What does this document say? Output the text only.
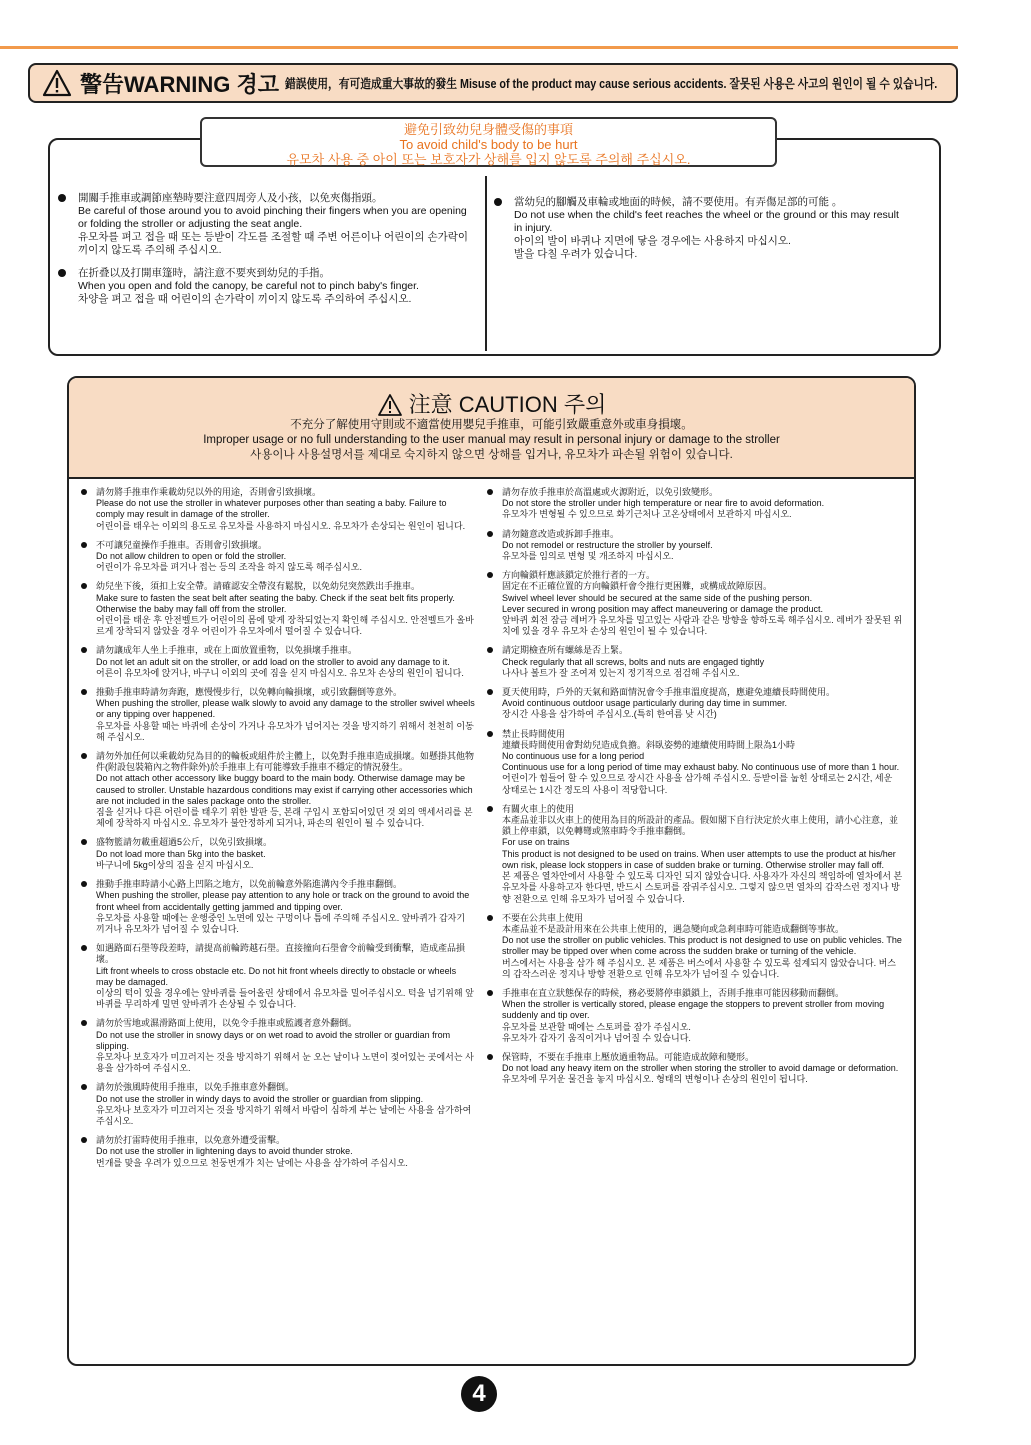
警告WARNING 경고 錯誤使用，有可造成重大事故的發生 Misuse of the product may cause serious accidents. 잘못된 사용은 사고의 원인이 될 수 있습니다.
避免引致幼兒身體受傷的事項
To avoid child's body to be hurt
유모차 사용 중 아이 또는 보호자가 상해를 입지 않도록 주의해 주십시오.

開關手推車或調節座墊時要注意四周旁人及小孩，以免夾傷指頭。

Be careful of those around you to avoid pinching their fingers when you are opening or folding the stroller or adjusting the seat angle.

유모차를 펴고 접을 때 또는 등받이 각도를 조절할 때 주변 어른이나 어린이의 손가락이 끼이지 않도록 주의해 주십시오.

在折叠以及打開車篷時，請注意不要夾到幼兒的手指。

When you open and fold the canopy, be careful not to pinch baby's finger.

차양을 펴고 접을 때 어린이의 손가락이 끼이지 않도록 주의하여 주십시오.

當幼兒的腳觸及車輪或地面的時候，請不要使用。有弄傷足部的可能 。

Do not use when the child's feet reaches the wheel or the ground or this may result in injury.

아이의 발이 바퀴나 지면에 닿을 경우에는 사용하지 마십시오.

발을 다칠 우려가 있습니다.

注意 CAUTION 주의
不充分了解使用守則或不適當使用嬰兒手推車，可能引致嚴重意外或車身損壞。
Improper usage or no full understanding to the user manual may result in personal injury or damage to the stroller
사용이나 사용설명서를 제대로 숙지하지 않으면 상해를 입거나, 유모차가 파손될 위험이 있습니다.

請勿將手推車作乘載幼兒以外的用途，否則會引致損壞。

Please do not use the stroller in whatever purposes other than seating a baby. Failure to comply may result in damage of the stroller.

어린이를 태우는 이외의 용도로 유모차를 사용하지 마십시오. 유모차가 손상되는 원인이 됩니다.

不可讓兒童操作手推車。否則會引致損壞。

Do not allow children to open or fold the stroller.

어린이가 유모차를 펴거나 접는 등의 조작을 하지 않도록 해주십시오.

幼兒坐下後，須扣上安全帶。請確認安全帶沒有鬆脫，以免幼兒突然跌出手推車。

Make sure to fasten the seat belt after seating the baby. Check if the seat belt fits properly. Otherwise the baby may fall off from the stroller.

어린이를 태운 후 안전벨트가 어린이의 몸에 맞게 장착되었는지 확인해 주십시오. 안전벨트가 올바르게 장착되지 않았을 경우 어린이가 유모차에서 떨어질 수 있습니다.

請勿讓成年人坐上手推車，或在上面放置重物，以免損壞手推車。

Do not let an adult sit on the stroller, or add load on the stroller to avoid any damage to it.

어른이 유모차에 앉거나, 바구니 이외의 곳에 짐을 싣지 마십시오. 유모차 손상의 원인이 됩니다.

推動手推車時請勿奔跑，應慢慢步行，以免轉向輪損壞，或引致翻倒等意外。

When pushing the stroller, please walk slowly to avoid any damage to the stroller swivel wheels or any tipping over happened.

유모차를 사용할 때는 바퀴에 손상이 가거나 유모차가 넘어지는 것을 방지하기 위해서 천천히 이동해 주십시오.

請勿外加任何以乘載幼兒為目的的輪板或組件於主體上，以免對手推車造成損壞。如懸掛其他物件(附設包裝箱內之物件除外)於手推車上有可能導致手推車不穩定的情況發生。

Do not attach other accessory like buggy board to the main body. Otherwise damage may be caused to stroller. Unstable hazardous conditions may exist if carrying other accessories which are not included in the sales package onto the stroller.

짐을 싣거나 다른 어린이를 태우기 위한 발판 등, 본래 구입시 포함되어있던 것 외의 액세서리를 본체에 장착하지 마십시오. 유모차가 불안정하게 되거나, 파손의 원인이 될 수 있습니다.

盛物籃請勿載重超過5公斤，以免引致損壞。

Do not load more than 5kg into the basket.

바구니에 5kg이상의 짐을 싣지 마십시오.

推動手推車時請小心路上凹陷之地方，以免前輪意外陷進溝內令手推車翻倒。

When pushing the stroller, please pay attention to any hole or track on the ground to avoid the front wheel from accidentally getting jammed and tipping over.

유모차를 사용할 때에는 운행중인 노면에 있는 구멍이나 틈에 주의해 주십시오. 앞바퀴가 갑자기 끼거나 유모차가 넘어질 수 있습니다.

如遇路面石壆等段差時，請提高前輪跨越石壆。直接撞向石壆會令前輪受到衝擊，造成產品損壞。

Lift front wheels to cross obstacle etc. Do not hit front wheels directly to obstacle or wheels may be damaged.

이상의 턱이 있을 경우에는 앞바퀴를 들어올린 상태에서 유모차를 밀어주십시오. 턱을 넘기위해 앞바퀴를 무리하게 밀면 앞바퀴가 손상될 수 있습니다.

請勿於雪地或濕滑路面上使用，以免令手推車或監護者意外翻倒。

Do not use the stroller in snowy days or on wet road to avoid the stroller or guardian from slipping.

유모차나 보호자가 미끄러지는 것을 방지하기 위해서 눈 오는 날이나 노면이 젖어있는 곳에서는 사용을 삼가하여 주십시오.

請勿於強風時使用手推車，以免手推車意外翻倒。

Do not use the stroller in windy days to avoid the stroller or guardian from slipping.

유모차나 보호자가 미끄러지는 것을 방지하기 위해서 바람이 심하게 부는 날에는 사용을 삼가하여 주십시오.

請勿於打雷時使用手推車，以免意外遭受雷擊。

Do not use the stroller in lightening days to avoid thunder stroke.

번개를 맞을 우려가 있으므로 천둥번개가 치는 날에는 사용을 삼가하여 주십시오.

請勿存放手推車於高溫處或火源附近，以免引致變形。

Do not store the stroller under high temperature or near fire to avoid deformation.

유모차가 변형될 수 있으므로 화기근처나 고온상태에서 보관하지 마십시오.

請勿隨意改造或拆卸手推車。

Do not remodel or restructure the stroller by yourself.

유모차를 임의로 변형 및 개조하지 마십시오.

方向輪鎖杆應該鎖定於推行者的一方。

固定在不正確位置的方向輪鎖杆會令推行更困難，或構成故障原因。

Swivel wheel lever should be secured at the same side of the pushing person.

Lever secured in wrong position may affect maneuvering or damage the product.

앞바퀴 회전 잠금 레버가 유모차를 밀고있는 사람과 같은 방향을 향하도록 해주십시오. 레버가 잘못된 위치에 있을 경우 유모차 손상의 원인이 될 수 있습니다.

請定期檢查所有螺絲是否上緊。

Check regularly that all screws, bolts and nuts are engaged tightly

나사나 볼트가 잘 조여져 있는지 정기적으로 점검해 주십시오.

夏天使用時，戶外的天氣和路面情況會令手推車溫度提高，應避免連續長時間使用。

Avoid continuous outdoor usage particularly during day time in summer.

장시간 사용을 삼가하여 주십시오.(특히 한여름 낮 시간)

禁止長時間使用

連續長時間使用會對幼兒造成負擔。斜臥姿勢的連續使用時間上限為1小時

No continuous use for a long period

Continuous use for a long period of time may exhaust baby. No continuous use of more than 1 hour.

어린이가 힘들어 할 수 있으므로 장시간 사용을 삼가해 주십시오. 등받이를 눕힌 상태로는 2시간, 세운 상태로는 1시간 정도의 사용이 적당합니다.

有關火車上的使用

本產品並非以火車上的使用為目的所設計的產品。假如閣下自行決定於火車上使用，請小心注意，並鎖上停車鎖，以免轉彎或煞車時令手推車翻倒。

For use on trains

This product is not designed to be used on trains. When user attempts to use the product at his/her own risk, please lock stoppers in case of sudden brake or turning. Otherwise stroller may fall off.

본 제품은 열차안에서 사용할 수 있도록 디자인 되지 않았습니다. 사용자가 자신의 책임하에 열차에서 본 유모차를 사용하고자 한다면, 반드시 스토퍼를 잠궈주십시오. 그렇지 않으면 열차의 갑작스런 정지나 방향 전환으로 인해 유모차가 넘어질 수 있습니다.

不要在公共車上使用

本產品並不是設計用來在公共車上使用的，遇急變向或急剎車時可能造成翻倒等事故。

Do not use the stroller on public vehicles. This product is not designed to use on public vehicles. The stroller may be tipped over when come across the sudden brake or turning of the vehicle.

버스에서는 사용을 삼가 해 주십시오. 본 제품은 버스에서 사용할 수 있도록 설계되지 않았습니다. 버스의 갑작스러운 정지나 방향 전환으로 인해 유모차가 넘어질 수 있습니다.

手推車在直立狀態保存的時候，務必要將停車鎖鎖上，否則手推車可能因移動而翻倒。

When the stroller is vertically stored, please engage the stoppers to prevent stroller from moving suddenly and tip over.

유모차를 보관할 때에는 스토퍼를 잠가 주십시오.

유모차가 갑자기 움직이거나 넘어질 수 있습니다.

保管時，不要在手推車上壓放過重物品。可能造成故障和變形。

Do not load any heavy item on the stroller when storing the stroller to avoid damage or deformation.

유모차에 무거운 물건을 놓지 마십시오. 형태의 변형이나 손상의 원인이 됩니다.

4
